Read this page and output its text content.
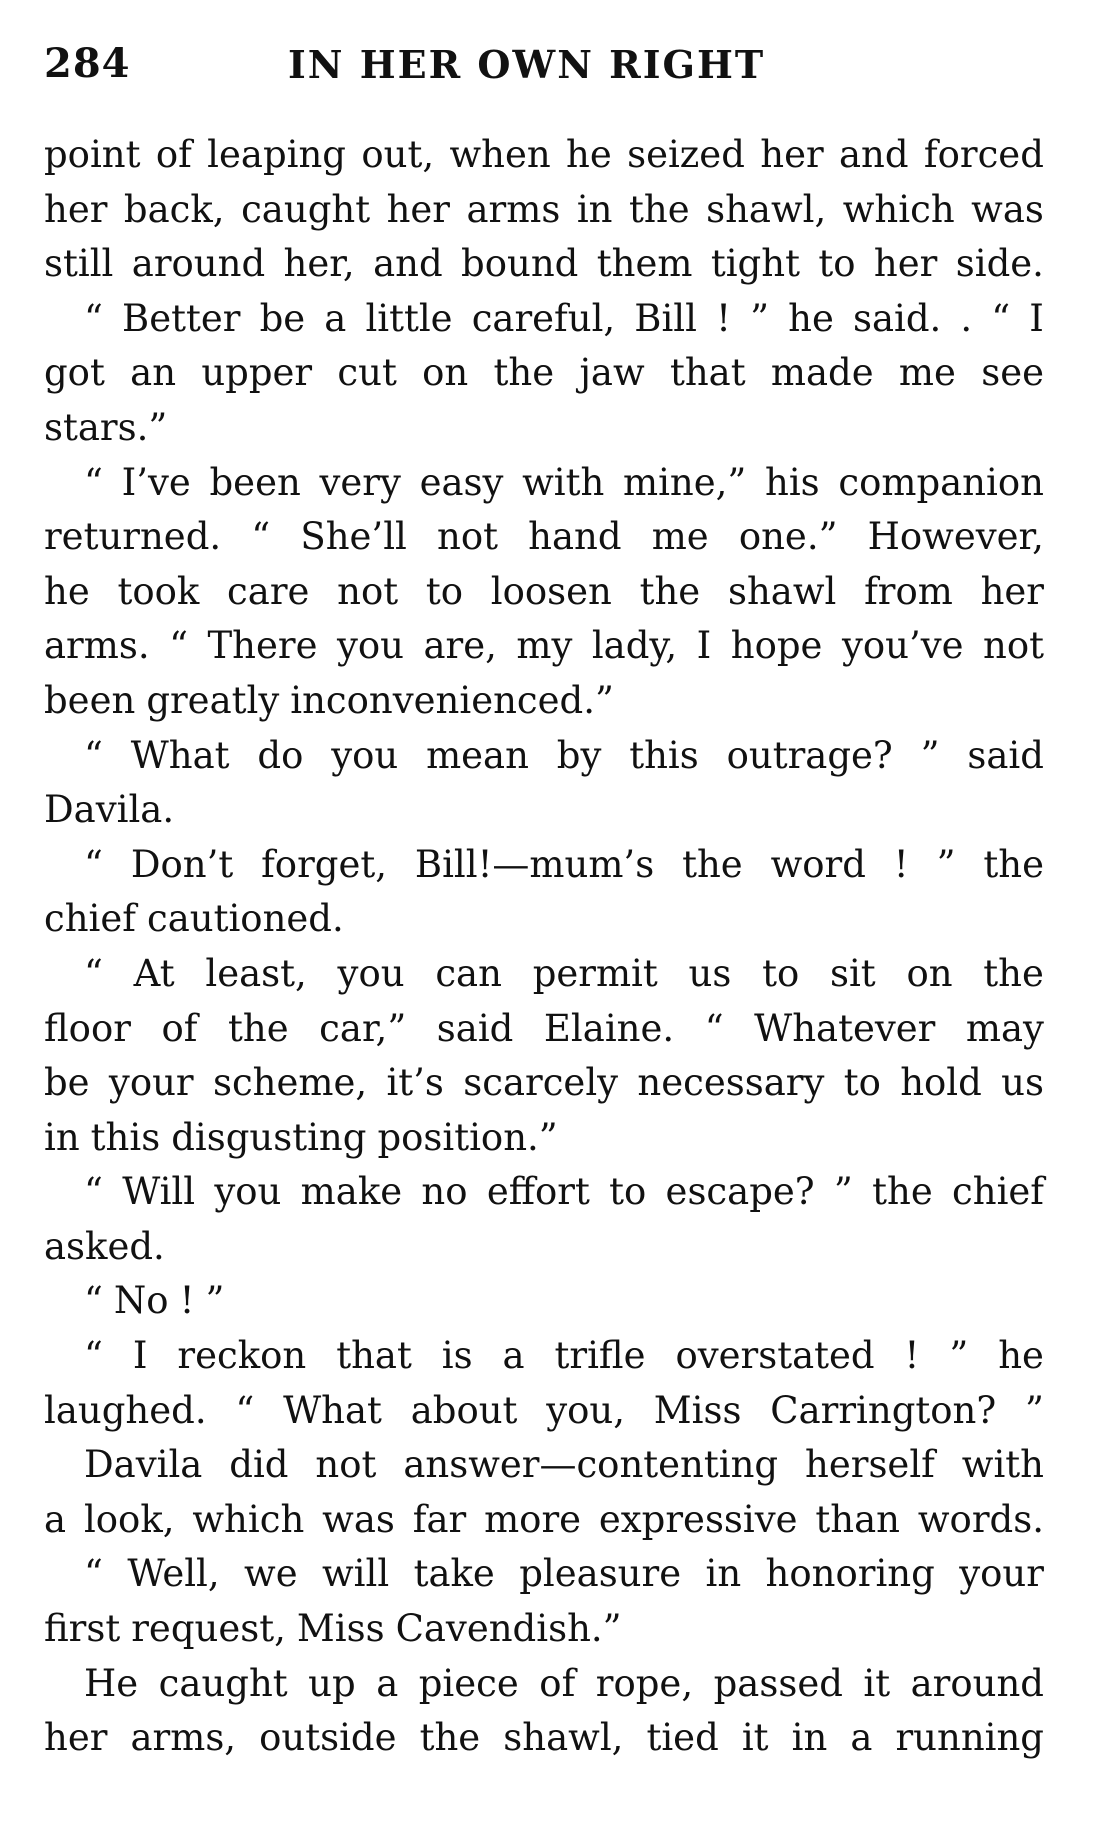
284	IN HER OWN RIGHT
point of leaping out, when he seized her and forced
her back, caught her arms in the shawl, which was
still around her, and bound them tight to her side.
“ Better be a little careful, Bill ! ” he said. . “ I
got an upper cut on the jaw that made me see
stars.”
“ I’ve been very easy with mine,” his companion
returned. “ She’ll not hand me one.” However,
he took care not to loosen the shawl from her
arms. “ There you are, my lady, I hope you’ve not
been greatly inconvenienced.”
“ What do you mean by this outrage? ” said
Davila.
“ Don’t forget, Bill!—mum’s the word ! ” the
chief cautioned.
“ At least, you can permit us to sit on the
floor of the car,” said Elaine. “ Whatever may
be your scheme, it’s scarcely necessary to hold us
in this disgusting position.”
“ Will you make no effort to escape? ” the chief
asked.
“ No ! ”
“ I reckon that is a trifle overstated ! ” he
laughed. “ What about you, Miss Carrington? ”
Davila did not answer—contenting herself with
a look, which was far more expressive than words.
“ Well, we will take pleasure in honoring your
first request, Miss Cavendish.”
He caught up a piece of rope, passed it around
her arms, outside the shawl, tied it in a running
